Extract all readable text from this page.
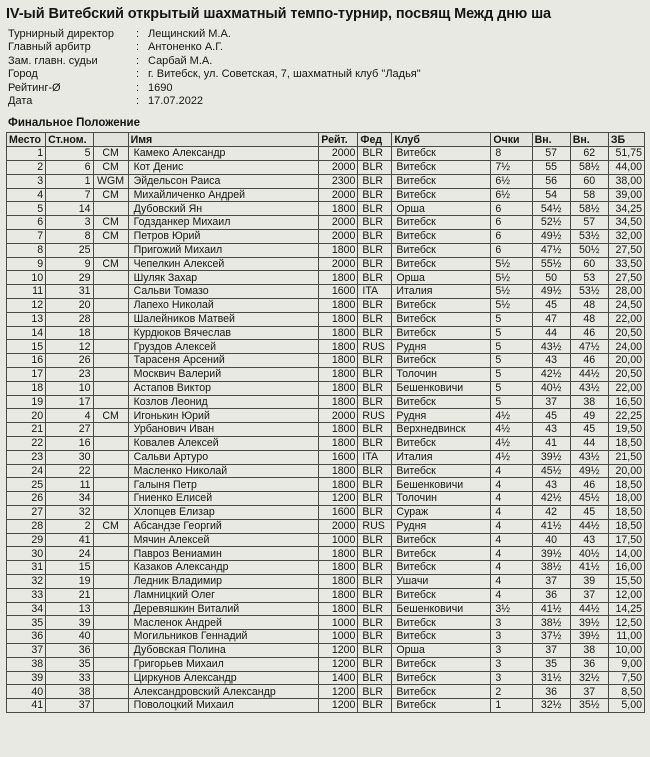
IV-ый Витебский открытый шахматный темпо-турнир, посвящ Межд дню ша
Турнирный директор	: Лещинский М.А.
Главный арбитр	: Антоненко А.Г.
Зам. главн. судьи	: Сарбай М.А.
Город	: г. Витебск, ул. Советская, 7, шахматный клуб "Ладья"
Рейтинг-Ø	: 1690
Дата	: 17.07.2022
Финальное Положение
Место	Ст.ном.		Имя	Рейт.	Фед	Клуб	Очки	Вн.	Вн.	ЗБ
1	5	CM	Камеко Александр	2000	BLR	Витебск	8	57	62	51,75
2	6	CM	Кот Денис	2000	BLR	Витебск	7½	55	58½	44,00
3	1	WGM	Эйдельсон Раиса	2300	BLR	Витебск	6½	56	60	38,00
4	7	CM	Михайличенко Андрей	2000	BLR	Витебск	6½	54	58	39,00
5	14		Дубовский Ян	1800	BLR	Орша	6	54½	58½	34,25
6	3	CM	Годзданкер Михаил	2000	BLR	Витебск	6	52½	57	34,50
7	8	CM	Петров Юрий	2000	BLR	Витебск	6	49½	53½	32,00
8	25		Пригожий Михаил	1800	BLR	Витебск	6	47½	50½	27,50
9	9	CM	Чепелкин Алексей	2000	BLR	Витебск	5½	55½	60	33,50
10	29		Шуляк Захар	1800	BLR	Орша	5½	50	53	27,50
11	31		Сальви Томазо	1600	ITA	Италия	5½	49½	53½	28,00
12	20		Лапехо Николай	1800	BLR	Витебск	5½	45	48	24,50
13	28		Шалейников Матвей	1800	BLR	Витебск	5	47	48	22,00
14	18		Курдюков Вячеслав	1800	BLR	Витебск	5	44	46	20,50
15	12		Груздов Алексей	1800	RUS	Рудня	5	43½	47½	24,00
16	26		Тарасеня Арсений	1800	BLR	Витебск	5	43	46	20,00
17	23		Москвич Валерий	1800	BLR	Толочин	5	42½	44½	20,50
18	10		Астапов Виктор	1800	BLR	Бешенковичи	5	40½	43½	22,00
19	17		Козлов Леонид	1800	BLR	Витебск	5	37	38	16,50
20	4	CM	Игонькин Юрий	2000	RUS	Рудня	4½	45	49	22,25
21	27		Урбанович Иван	1800	BLR	Верхнедвинск	4½	43	45	19,50
22	16		Ковалев Алексей	1800	BLR	Витебск	4½	41	44	18,50
23	30		Сальви Артуро	1600	ITA	Италия	4½	39½	43½	21,50
24	22		Масленко Николай	1800	BLR	Витебск	4	45½	49½	20,00
25	11		Галыня Петр	1800	BLR	Бешенковичи	4	43	46	18,50
26	34		Гниенко Елисей	1200	BLR	Толочин	4	42½	45½	18,00
27	32		Хлопцев Елизар	1600	BLR	Сураж	4	42	45	18,50
28	2	CM	Абсандзе Георгий	2000	RUS	Рудня	4	41½	44½	18,50
29	41		Мячин Алексей	1000	BLR	Витебск	4	40	43	17,50
30	24		Павроз Вениамин	1800	BLR	Витебск	4	39½	40½	14,00
31	15		Казаков Александр	1800	BLR	Витебск	4	38½	41½	16,00
32	19		Ледник Владимир	1800	BLR	Ушачи	4	37	39	15,50
33	21		Ламницкий Олег	1800	BLR	Витебск	4	36	37	12,00
34	13		Деревяшкин Виталий	1800	BLR	Бешенковичи	3½	41½	44½	14,25
35	39		Масленок Андрей	1000	BLR	Витебск	3	38½	39½	12,50
36	40		Могильников Геннадий	1000	BLR	Витебск	3	37½	39½	11,00
37	36		Дубовская Полина	1200	BLR	Орша	3	37	38	10,00
38	35		Григорьев Михаил	1200	BLR	Витебск	3	35	36	9,00
39	33		Циркунов Александр	1400	BLR	Витебск	3	31½	32½	7,50
40	38		Александровский Александр	1200	BLR	Витебск	2	36	37	8,50
41	37		Поволоцкий Михаил	1200	BLR	Витебск	1	32½	35½	5,00
